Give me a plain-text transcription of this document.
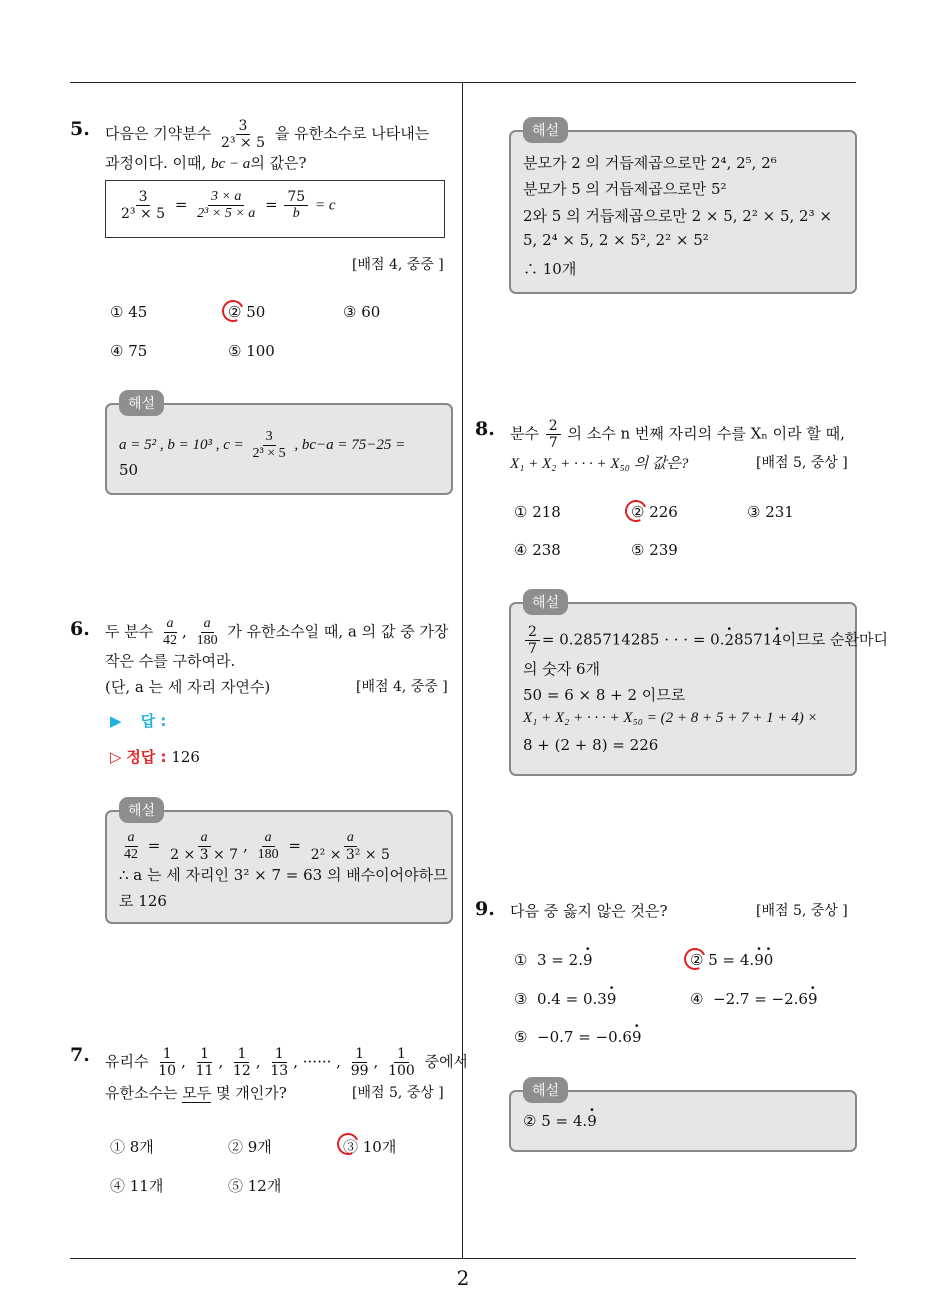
2
5. 다음은 기약분수 $\frac{3}{\text{2³ × 5}}$ 을 유한소수로 나타내는
과정이다. 이때, bc − a의 값은?
$\frac{3}{\text{2³ × 5}} = \frac{3 \times a}{\text{2³ × 5 × a}} = \frac{75}{b} = c$
[배점 4, 중중 ]
① 45	② 50	③ 60
④ 75	⑤ 100
a = 5² , b = 10³ , $c = \frac{3}{\text{2³ × 5}}$ , bc−a = 75−25 =
50
해설
6. 두 분수 $\frac{a}{42}$ , $\frac{a}{180}$ 가 유한소수일 때, a 의 값 중 가장
작은 수를 구하여라.
(단, a 는 세 자리 자연수)	[배점 4, 중중 ]
▶ 답 :
▷ 정답 : 126
$\frac{a}{42} = \frac{a}{2 \times 3 \times 7}$ , $\frac{a}{180} = \frac{a}{\text{2² × 3² × 5}}$
∴ a 는 세 자리인 3² × 7 = 63 의 배수이어야하므
로 126
해설
7. 유리수 $\frac{1}{10}$ , $\frac{1}{11}$ , $\frac{1}{12}$ , $\frac{1}{13}$ , ······ , $\frac{1}{99}$ , $\frac{1}{100}$ 중에서
유한소수는 모두 몇 개인가?	[배점 5, 중상 ]
① 8개	② 9개	③ 10개
④ 11개	⑤ 12개
분모가 2 의 거듭제곱으로만 2⁴, 2⁵, 2⁶
분모가 5 의 거듭제곱으로만 5²
2와 5 의 거듭제곱으로만 2 × 5, 2² × 5, 2³ ×
5, 2⁴ × 5, 2 × 5², 2² × 5²
∴ 10개
해설
8. 분수 $\frac{2}{7}$ 의 소수 n 번째 자리의 수를 Xₙ 이라 할 때,
X₁ + X₂ + · · · + X₅₀ 의 값은?	[배점 5, 중상 ]
① 218	② 226	③ 231
④ 238	⑤ 239
$\frac{2}{7} = 0.285714285$ · · · = 0.· 28571· 4이므로 순환마디
의 숫자 6개
50 = 6 × 8 + 2 이므로
X₁ + X₂ + · · · + X₅₀ = (2 + 8 + 5 + 7 + 1 + 4) ×
8 + (2 + 8) = 226
해설
9. 다음 중 옳지 않은 것은?	[배점 5, 중상 ]
① 3 = 2.· 9	② 5 = 4.· 9· 0
③ 0.4 = 0.3· 9	④ −2.7 = −2.6· 9
⑤ −0.7 = −0.6· 9
② 5 = 4.· 9
해설
